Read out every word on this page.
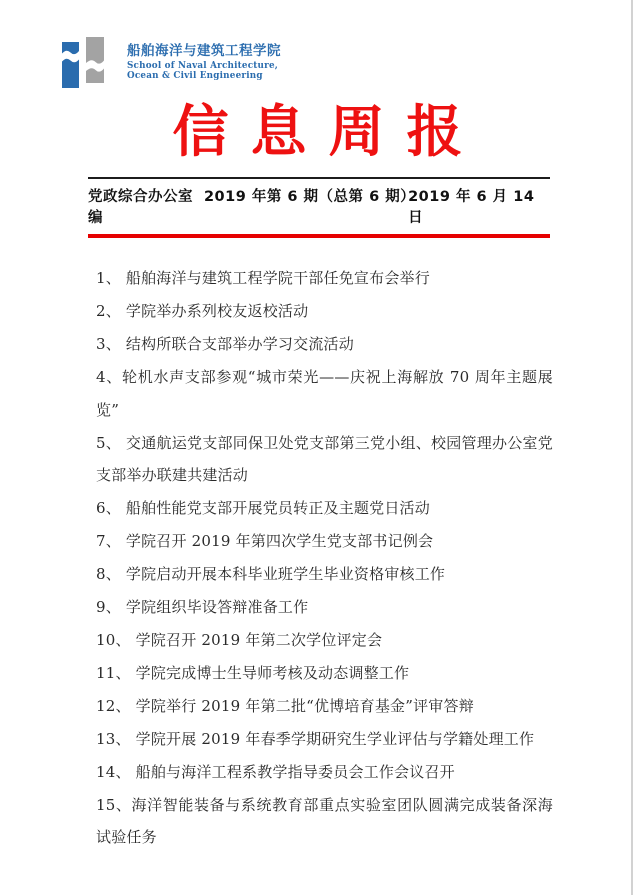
船舶海洋与建筑工程学院
School of Naval Architecture,
Ocean & Civil Engineering
信息周报
党政综合办公室编
2019 年第 6 期（总第 6 期）
2019 年 6 月 14 日
1、 船舶海洋与建筑工程学院干部任免宣布会举行
2、 学院举办系列校友返校活动
3、 结构所联合支部举办学习交流活动
4、轮机水声支部参观“城市荣光——庆祝上海解放 70 周年主题展览”
5、 交通航运党支部同保卫处党支部第三党小组、校园管理办公室党支部举办联建共建活动
6、 船舶性能党支部开展党员转正及主题党日活动
7、 学院召开 2019 年第四次学生党支部书记例会
8、 学院启动开展本科毕业班学生毕业资格审核工作
9、 学院组织毕设答辩准备工作
10、 学院召开 2019 年第二次学位评定会
11、 学院完成博士生导师考核及动态调整工作
12、 学院举行 2019 年第二批“优博培育基金”评审答辩
13、 学院开展 2019 年春季学期研究生学业评估与学籍处理工作
14、 船舶与海洋工程系教学指导委员会工作会议召开
15、海洋智能装备与系统教育部重点实验室团队圆满完成装备深海试验任务
